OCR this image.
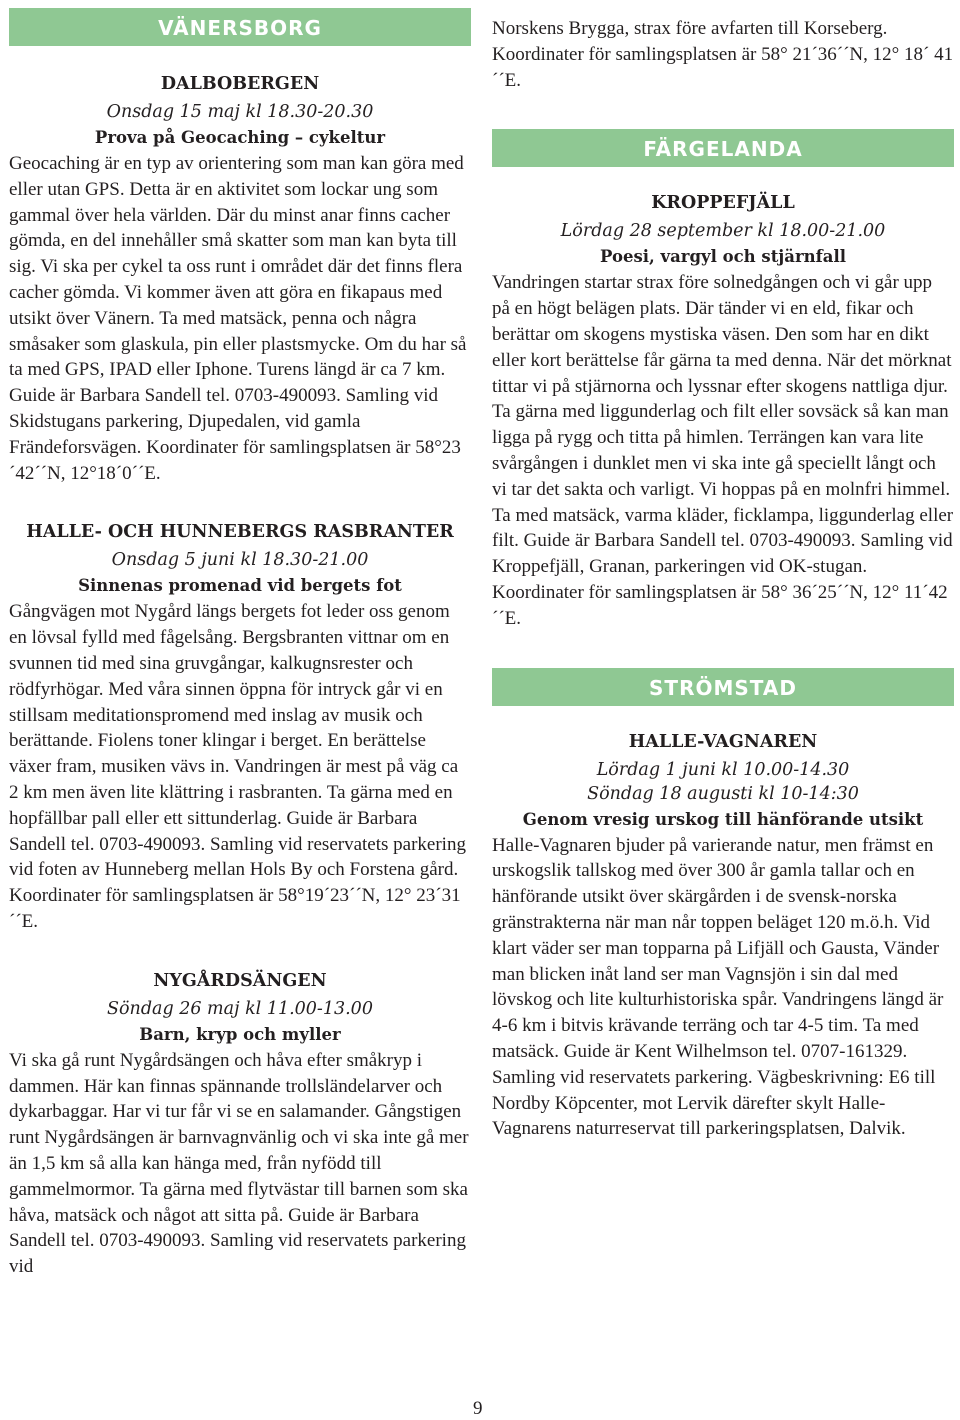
VÄNERSBORG

DALBOBERGEN

Onsdag 15 maj kl 18.30-20.30

Prova på Geocaching – cykeltur

Geocaching är en typ av orientering som man kan göra med eller utan GPS. Detta är en aktivitet som lockar ung som gammal över hela världen. Där du minst anar finns cacher gömda, en del innehåller små skatter som man kan byta till sig. Vi ska per cykel ta oss runt i området där det finns flera cacher gömda. Vi kommer även att göra en fikapaus med utsikt över Vänern. Ta med matsäck, penna och några småsaker som glaskula, pin eller plastsmycke. Om du har så ta med GPS, IPAD eller Iphone. Turens längd är ca 7 km. Guide är Barbara Sandell tel. 0703-490093. Samling vid Skidstugans parkering, Djupedalen, vid gamla Frändeforsvägen. Koordinater för samlingsplatsen är 58°23´42´´N, 12°18´0´´E.

HALLE- OCH HUNNEBERGS RASBRANTER

Onsdag 5 juni kl 18.30-21.00

Sinnenas promenad vid bergets fot

Gångvägen mot Nygård längs bergets fot leder oss genom en lövsal fylld med fågelsång. Bergsbranten vittnar om en svunnen tid med sina gruvgångar, kalkugnsrester och rödfyrhögar. Med våra sinnen öppna för intryck går vi en stillsam meditationspromend med inslag av musik och berättande. Fiolens toner klingar i berget. En berättelse växer fram, musiken vävs in. Vandringen är mest på väg ca 2 km men även lite klättring i rasbranten. Ta gärna med en hopfällbar pall eller ett sittunderlag. Guide är Barbara Sandell tel. 0703-490093. Samling vid reservatets parkering vid foten av Hunneberg mellan Hols By och Forstena gård. Koordinater för samlingsplatsen är 58°19´23´´N, 12° 23´31´´E.

NYGÅRDSÄNGEN

Söndag 26 maj kl 11.00-13.00

Barn, kryp och myller

Vi ska gå runt Nygårdsängen och håva efter småkryp i dammen. Här kan finnas spännande trollsländelarver och dykarbaggar. Har vi tur får vi se en salamander. Gångstigen runt Nygårdsängen är barnvagnvänlig och vi ska inte gå mer än 1,5 km så alla kan hänga med, från nyfödd till gammelmormor. Ta gärna med flytvästar till barnen som ska håva, matsäck och något att sitta på. Guide är Barbara Sandell tel. 0703-490093. Samling vid reservatets parkering vid

Norskens Brygga, strax före avfarten till Korseberg. Koordinater för samlingsplatsen är 58° 21´36´´N, 12° 18´ 41´´E.

FÄRGELANDA

KROPPEFJÄLL

Lördag 28 september kl 18.00-21.00

Poesi, vargyl och stjärnfall

Vandringen startar strax före solnedgången och vi går upp på en högt belägen plats. Där tänder vi en eld, fikar och berättar om skogens mystiska väsen. Den som har en dikt eller kort berättelse får gärna ta med denna. När det mörknat tittar vi på stjärnorna och lyssnar efter skogens nattliga djur. Ta gärna med liggunderlag och filt eller sovsäck så kan man ligga på rygg och titta på himlen. Terrängen kan vara lite svårgången i dunklet men vi ska inte gå speciellt långt och vi tar det sakta och varligt. Vi hoppas på en molnfri himmel. Ta med matsäck, varma kläder, ficklampa, liggunderlag eller filt. Guide är Barbara Sandell tel. 0703-490093. Samling vid Kroppefjäll, Granan, parkeringen vid OK-stugan. Koordinater för samlingsplatsen är 58° 36´25´´N, 12° 11´42´´E.

STRÖMSTAD

HALLE-VAGNAREN

Lördag 1 juni kl 10.00-14.30

Söndag 18 augusti kl 10-14:30

Genom vresig urskog till hänförande utsikt

Halle-Vagnaren bjuder på varierande natur, men främst en urskogslik tallskog med över 300 år gamla tallar och en hänförande utsikt över skärgården i de svensk-norska gränstrakterna när man når toppen beläget 120 m.ö.h. Vid klart väder ser man topparna på Lifjäll och Gausta, Vänder man blicken inåt land ser man Vagnsjön i sin dal med lövskog och lite kulturhistoriska spår. Vandringens längd är 4-6 km i bitvis krävande terräng och tar 4-5 tim. Ta med matsäck. Guide är Kent Wilhelmson tel. 0707-161329. Samling vid reservatets parkering. Vägbeskrivning: E6 till Nordby Köpcenter, mot Lervik därefter skylt Halle-Vagnarens naturreservat till parkeringsplatsen, Dalvik.

9
